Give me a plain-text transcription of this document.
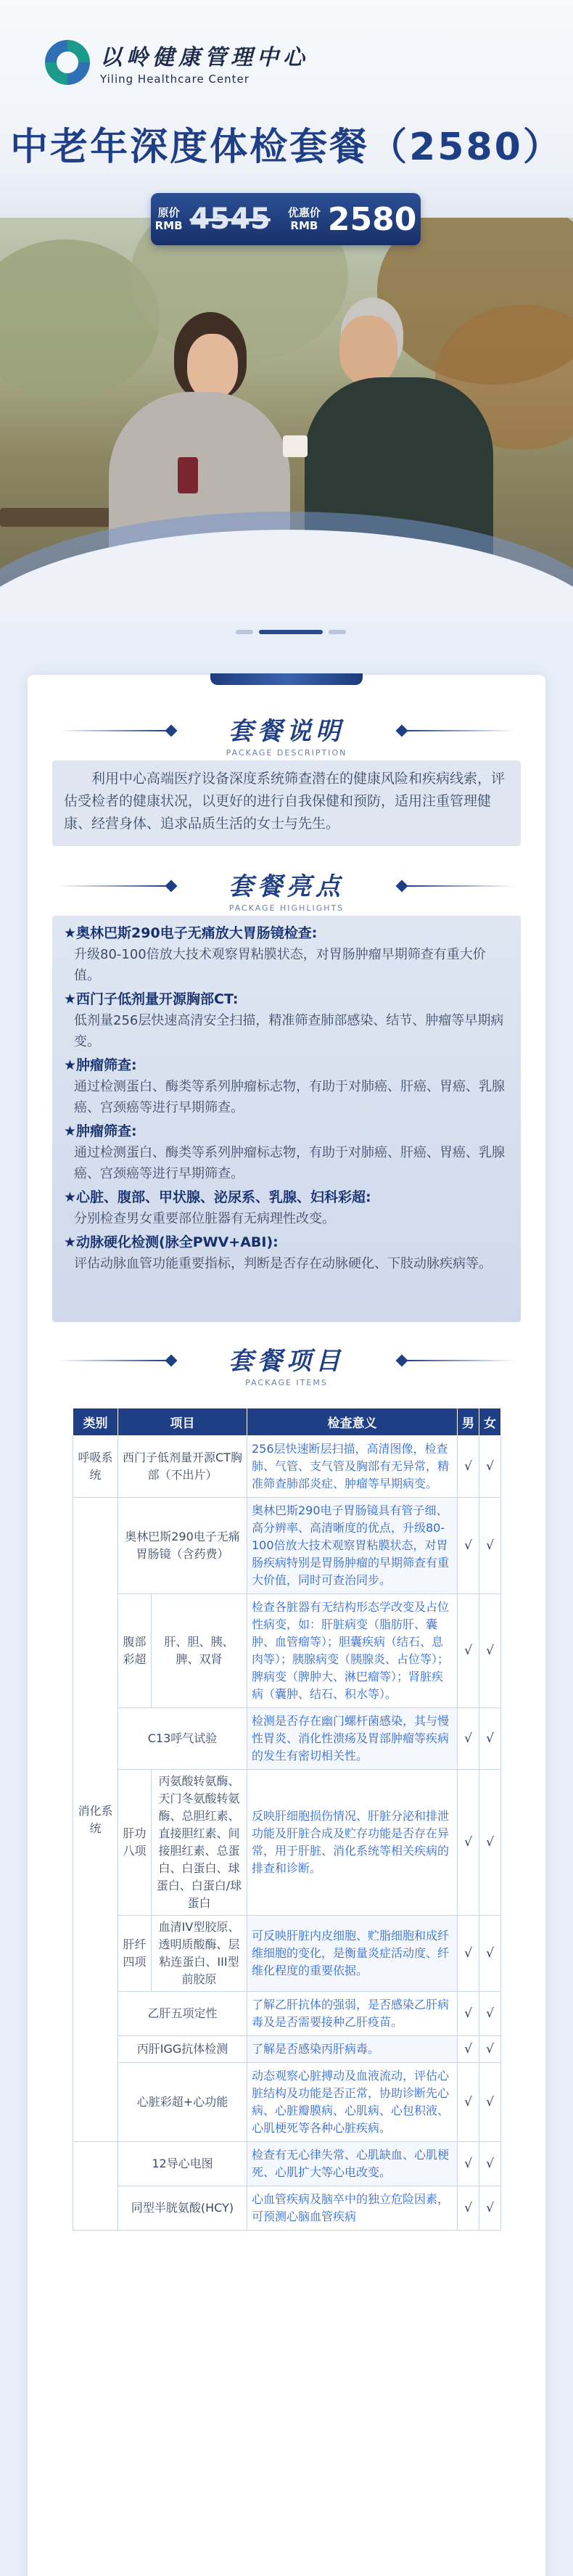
以岭健康管理中心
Yiling Healthcare Center
中老年深度体检套餐（2580）
原价
RMB 4545 优惠价
RMB 2580
套餐说明
PACKAGE DESCRIPTION
利用中心高端医疗设备深度系统筛查潜在的健康风险和疾病线索，评估受检者的健康状况，以更好的进行自我保健和预防，适用注重管理健康、经营身体、追求品质生活的女士与先生。
套餐亮点
PACKAGE HIGHLIGHTS
★奥林巴斯290电子无痛放大胃肠镜检查:
升级80-100倍放大技术观察胃粘膜状态，对胃肠肿瘤早期筛查有重大价值。
★西门子低剂量开源胸部CT:
低剂量256层快速高清安全扫描，精准筛查肺部感染、结节、肿瘤等早期病变。
★肿瘤筛查:
通过检测蛋白、酶类等系列肿瘤标志物，有助于对肺癌、肝癌、胃癌、乳腺癌、宫颈癌等进行早期筛查。
★肿瘤筛查:
通过检测蛋白、酶类等系列肿瘤标志物，有助于对肺癌、肝癌、胃癌、乳腺癌、宫颈癌等进行早期筛查。
★心脏、腹部、甲状腺、泌尿系、乳腺、妇科彩超:
分别检查男女重要部位脏器有无病理性改变。
★动脉硬化检测(脉全PWV+ABI):
评估动脉血管功能重要指标，判断是否存在动脉硬化、下肢动脉疾病等。
套餐项目
PACKAGE ITEMS
类别	项目		检查意义	男	女
呼吸系统	西门子低剂量开源CT胸部（不出片）		256层快速断层扫描，高清图像，检查肺、气管、支气管及胸部有无异常，精准筛查肺部炎症、肿瘤等早期病变。	√	√
消化系统	奥林巴斯290电子无痛胃肠镜（含药费）		奥林巴斯290电子胃肠镜具有管子细、高分辨率、高清晰度的优点，升级80-100倍放大技术观察胃粘膜状态，对胃肠疾病特别是胃肠肿瘤的早期筛查有重大价值，同时可查治同步。	√	√
	腹部彩超	肝、胆、胰、脾、双肾	检查各脏器有无结构形态学改变及占位性病变，如：肝脏病变（脂肪肝、囊肿、血管瘤等）；胆囊疾病（结石、息肉等）；胰腺病变（胰腺炎、占位等）；脾病变（脾肿大、淋巴瘤等）；肾脏疾病（囊肿、结石、积水等）。	√	√
	C13呼气试验		检测是否存在幽门螺杆菌感染，其与慢性胃炎、消化性溃疡及胃部肿瘤等疾病的发生有密切相关性。	√	√
	肝功八项	丙氨酸转氨酶、天门冬氨酸转氨酶、总胆红素、直接胆红素、间接胆红素、总蛋白、白蛋白、球蛋白、白蛋白/球蛋白	反映肝细胞损伤情况、肝脏分泌和排泄功能及肝脏合成及贮存功能是否存在异常，用于肝脏、消化系统等相关疾病的排查和诊断。	√	√
	肝纤四项	血清IV型胶原、透明质酸酶、层粘连蛋白、III型前胶原	可反映肝脏内皮细胞、贮脂细胞和成纤维细胞的变化，是衡量炎症活动度、纤维化程度的重要依据。	√	√
	乙肝五项定性		了解乙肝抗体的强弱，是否感染乙肝病毒及是否需要接种乙肝疫苗。	√	√
	丙肝IGG抗体检测		了解是否感染丙肝病毒。	√	√
	心脏彩超+心功能		动态观察心脏搏动及血液流动，评估心脏结构及功能是否正常，协助诊断先心病、心脏瓣膜病、心肌病、心包积液、心肌梗死等各种心脏疾病。	√	√
	12导心电图		检查有无心律失常、心肌缺血、心肌梗死、心肌扩大等心电改变。	√	√
	同型半胱氨酸(HCY)		心血管疾病及脑卒中的独立危险因素，可预测心脑血管疾病	√	√
